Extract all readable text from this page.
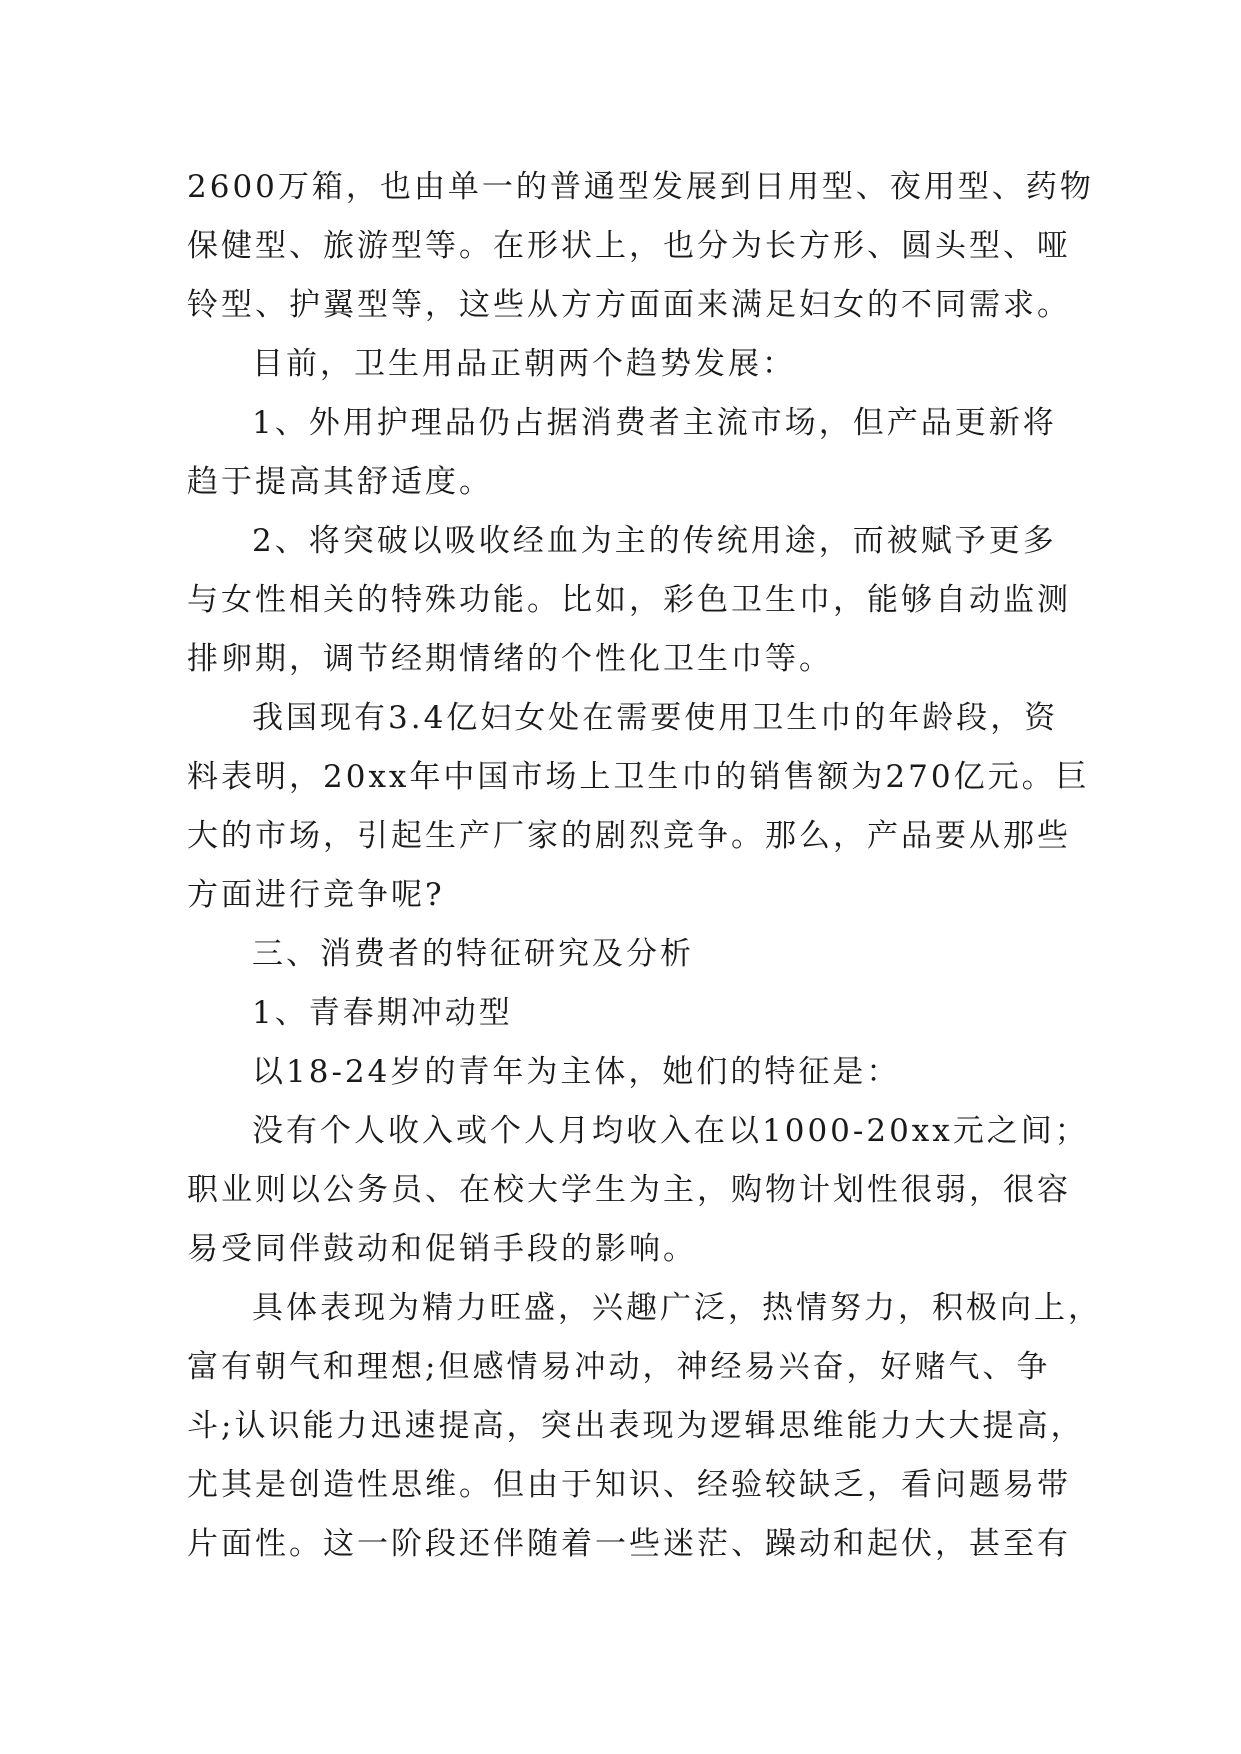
2600万箱，也由单一的普通型发展到日用型、夜用型、药物
保健型、旅游型等。在形状上，也分为长方形、圆头型、哑
铃型、护翼型等，这些从方方面面来满足妇女的不同需求。
目前，卫生用品正朝两个趋势发展：
1、外用护理品仍占据消费者主流市场，但产品更新将
趋于提高其舒适度。
2、将突破以吸收经血为主的传统用途，而被赋予更多
与女性相关的特殊功能。比如，彩色卫生巾，能够自动监测
排卵期，调节经期情绪的个性化卫生巾等。
我国现有3.4亿妇女处在需要使用卫生巾的年龄段，资
料表明，20xx年中国市场上卫生巾的销售额为270亿元。巨
大的市场，引起生产厂家的剧烈竞争。那么，产品要从那些
方面进行竞争呢?
三、消费者的特征研究及分析
1、青春期冲动型
以18-24岁的青年为主体，她们的特征是：
没有个人收入或个人月均收入在以1000-20xx元之间；
职业则以公务员、在校大学生为主，购物计划性很弱，很容
易受同伴鼓动和促销手段的影响。
具体表现为精力旺盛，兴趣广泛，热情努力，积极向上，
富有朝气和理想;但感情易冲动，神经易兴奋，好赌气、争
斗;认识能力迅速提高，突出表现为逻辑思维能力大大提高，
尤其是创造性思维。但由于知识、经验较缺乏，看问题易带
片面性。这一阶段还伴随着一些迷茫、躁动和起伏，甚至有
